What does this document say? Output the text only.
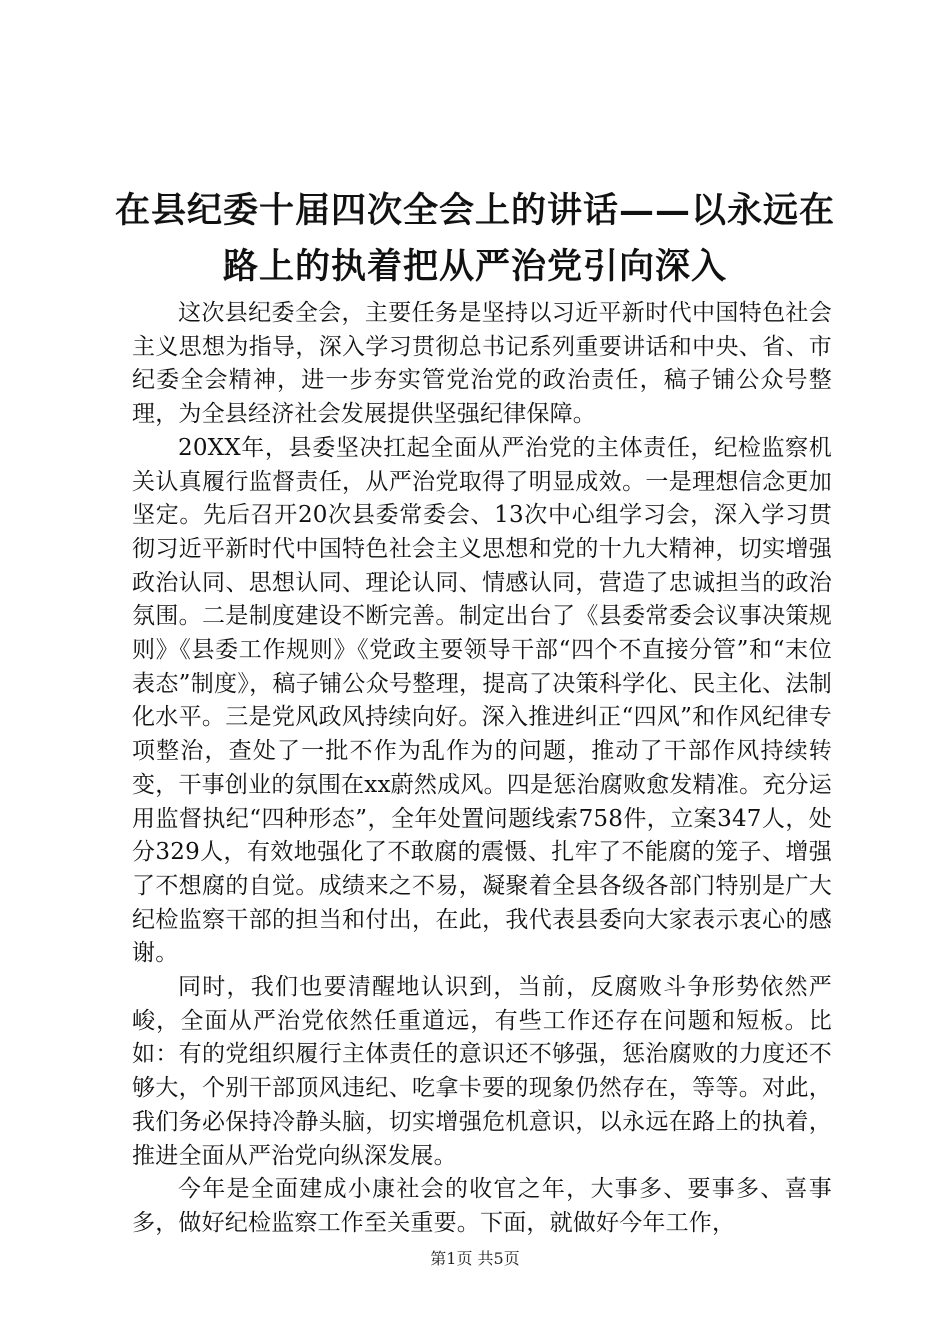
在县纪委十届四次全会上的讲话——以永远在
路上的执着把从严治党引向深入

这次县纪委全会，主要任务是坚持以习近平新时代中国特色社会主义思想为指导，深入学习贯彻总书记系列重要讲话和中央、省、市纪委全会精神，进一步夯实管党治党的政治责任，稿子铺公众号整理，为全县经济社会发展提供坚强纪律保障。

20XX年，县委坚决扛起全面从严治党的主体责任，纪检监察机关认真履行监督责任，从严治党取得了明显成效。一是理想信念更加坚定。先后召开20次县委常委会、13次中心组学习会，深入学习贯彻习近平新时代中国特色社会主义思想和党的十九大精神，切实增强政治认同、思想认同、理论认同、情感认同，营造了忠诚担当的政治氛围。二是制度建设不断完善。制定出台了《县委常委会议事决策规则》《县委工作规则》《党政主要领导干部“四个不直接分管”和“末位表态”制度》，稿子铺公众号整理，提高了决策科学化、民主化、法制化水平。三是党风政风持续向好。深入推进纠正“四风”和作风纪律专项整治，查处了一批不作为乱作为的问题，推动了干部作风持续转变，干事创业的氛围在xx蔚然成风。四是惩治腐败愈发精准。充分运用监督执纪“四种形态”，全年处置问题线索758件，立案347人，处分329人，有效地强化了不敢腐的震慑、扎牢了不能腐的笼子、增强了不想腐的自觉。成绩来之不易，凝聚着全县各级各部门特别是广大纪检监察干部的担当和付出，在此，我代表县委向大家表示衷心的感谢。

同时，我们也要清醒地认识到，当前，反腐败斗争形势依然严峻，全面从严治党依然任重道远，有些工作还存在问题和短板。比如：有的党组织履行主体责任的意识还不够强，惩治腐败的力度还不够大，个别干部顶风违纪、吃拿卡要的现象仍然存在，等等。对此，我们务必保持冷静头脑，切实增强危机意识，以永远在路上的执着，推进全面从严治党向纵深发展。

今年是全面建成小康社会的收官之年，大事多、要事多、喜事多，做好纪检监察工作至关重要。下面，就做好今年工作，

第1页 共5页
